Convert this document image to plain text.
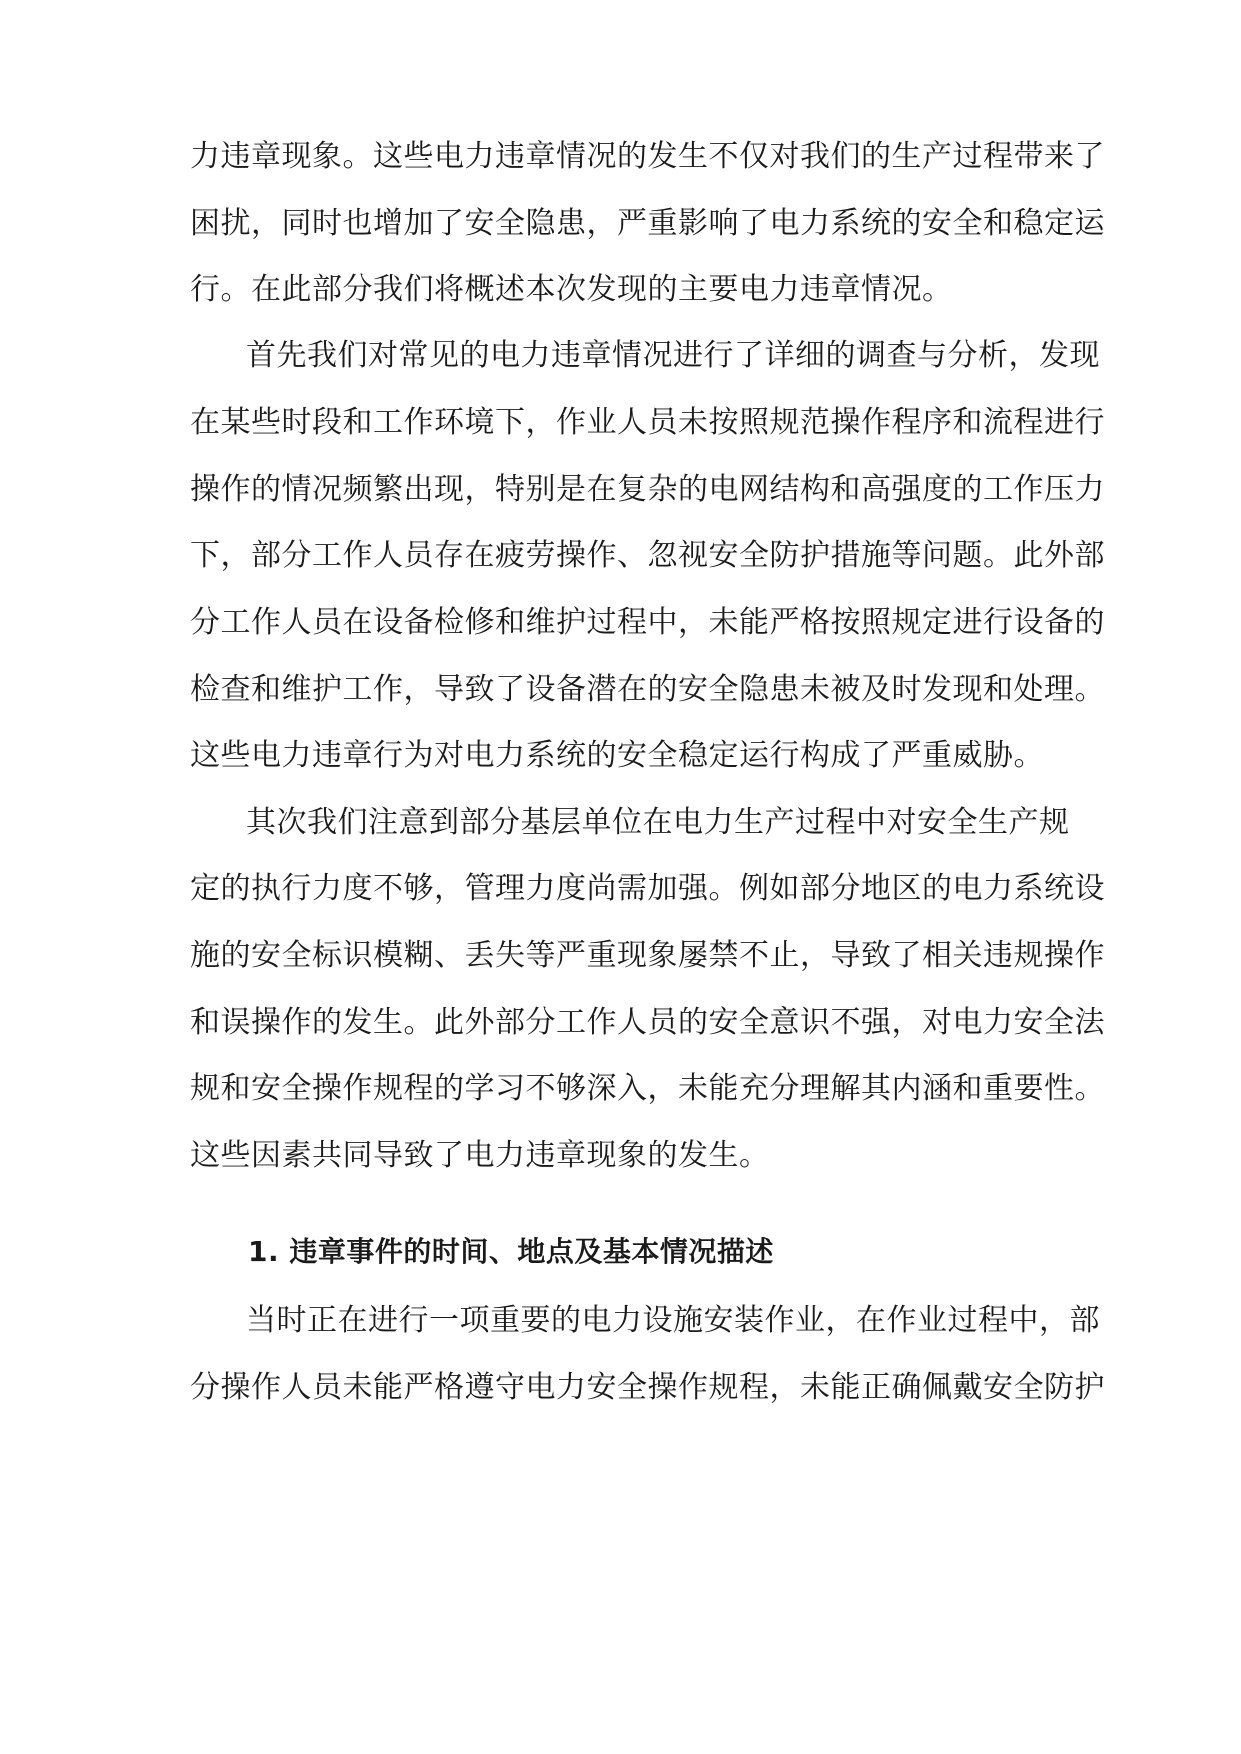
力违章现象。这些电力违章情况的发生不仅对我们的生产过程带来了
困扰，同时也增加了安全隐患，严重影响了电力系统的安全和稳定运
行。在此部分我们将概述本次发现的主要电力违章情况。
首先我们对常见的电力违章情况进行了详细的调查与分析，发现
在某些时段和工作环境下，作业人员未按照规范操作程序和流程进行
操作的情况频繁出现，特别是在复杂的电网结构和高强度的工作压力
下，部分工作人员存在疲劳操作、忽视安全防护措施等问题。此外部
分工作人员在设备检修和维护过程中，未能严格按照规定进行设备的
检查和维护工作，导致了设备潜在的安全隐患未被及时发现和处理。
这些电力违章行为对电力系统的安全稳定运行构成了严重威胁。
其次我们注意到部分基层单位在电力生产过程中对安全生产规
定的执行力度不够，管理力度尚需加强。例如部分地区的电力系统设
施的安全标识模糊、丢失等严重现象屡禁不止，导致了相关违规操作
和误操作的发生。此外部分工作人员的安全意识不强，对电力安全法
规和安全操作规程的学习不够深入，未能充分理解其内涵和重要性。
这些因素共同导致了电力违章现象的发生。
1. 违章事件的时间、地点及基本情况描述
当时正在进行一项重要的电力设施安装作业，在作业过程中，部
分操作人员未能严格遵守电力安全操作规程，未能正确佩戴安全防护
